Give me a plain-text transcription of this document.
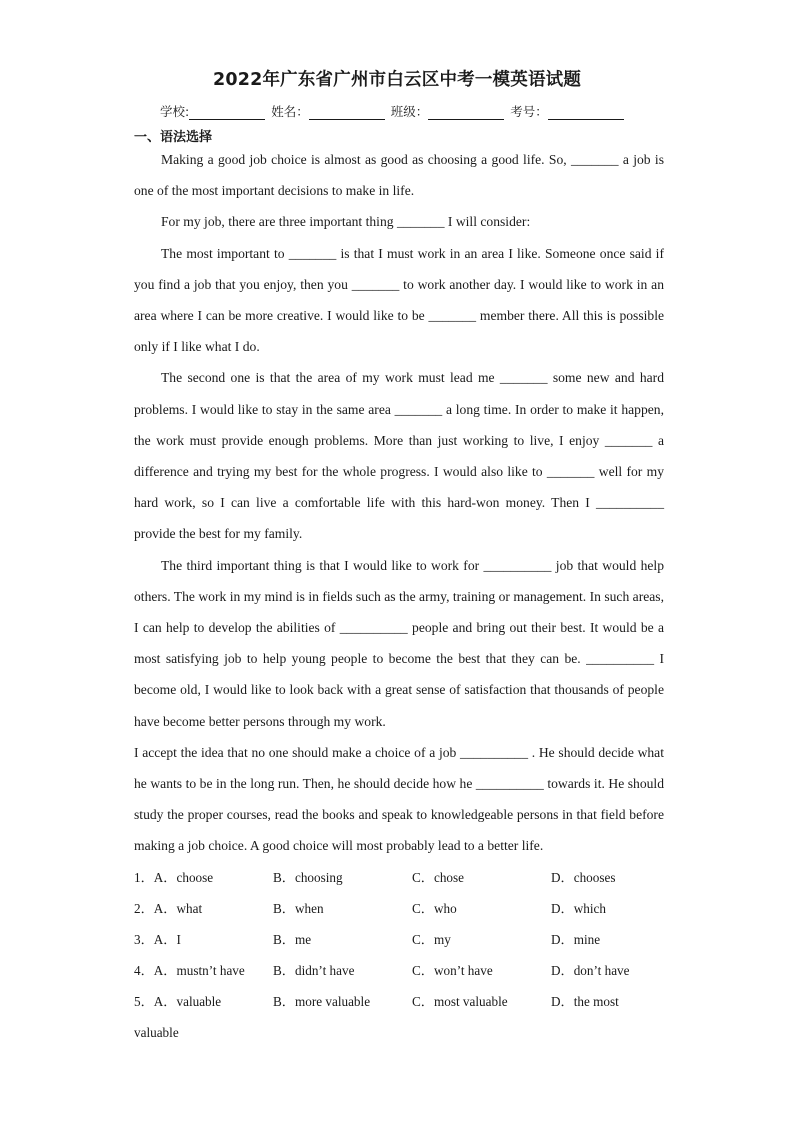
2022年广东省广州市白云区中考一模英语试题
学校:	姓名：	班级：	考号：
一、语法选择

Making a good job choice is almost as good as choosing a good life. So, _______ a job is one of the most important decisions to make in life.

For my job, there are three important thing _______ I will consider:

The most important to _______ is that I must work in an area I like. Someone once said if you find a job that you enjoy, then you _______ to work another day. I would like to work in an area where I can be more creative. I would like to be _______ member there. All this is possible only if I like what I do.

The second one is that the area of my work must lead me _______ some new and hard problems. I would like to stay in the same area _______ a long time. In order to make it happen, the work must provide enough problems. More than just working to live, I enjoy _______ a difference and trying my best for the whole progress. I would also like to _______ well for my hard work, so I can live a comfortable life with this hard-won money. Then I __________ provide the best for my family.

The third important thing is that I would like to work for __________ job that would help others. The work in my mind is in fields such as the army, training or management. In such areas, I can help to develop the abilities of __________ people and bring out their best. It would be a most satisfying job to help young people to become the best that they can be. __________ I become old, I would like to look back with a great sense of satisfaction that thousands of people have become better persons through my work.

I accept the idea that no one should make a choice of a job __________ . He should decide what he wants to be in the long run. Then, he should decide how he __________ towards it. He should study the proper courses, read the books and speak to knowledgeable persons in that field before making a job choice. A good choice will most probably lead to a better life.

1．A．choose	B．choosing	C．chose	D．chooses
2．A．what	B．when	C．who	D．which
3．A．I	B．me	C．my	D．mine
4．A．mustn’t have	B．didn’t have	C．won’t have	D．don’t have
5．A．valuable	B．more valuable	C．most valuable	D．the most
valuable
